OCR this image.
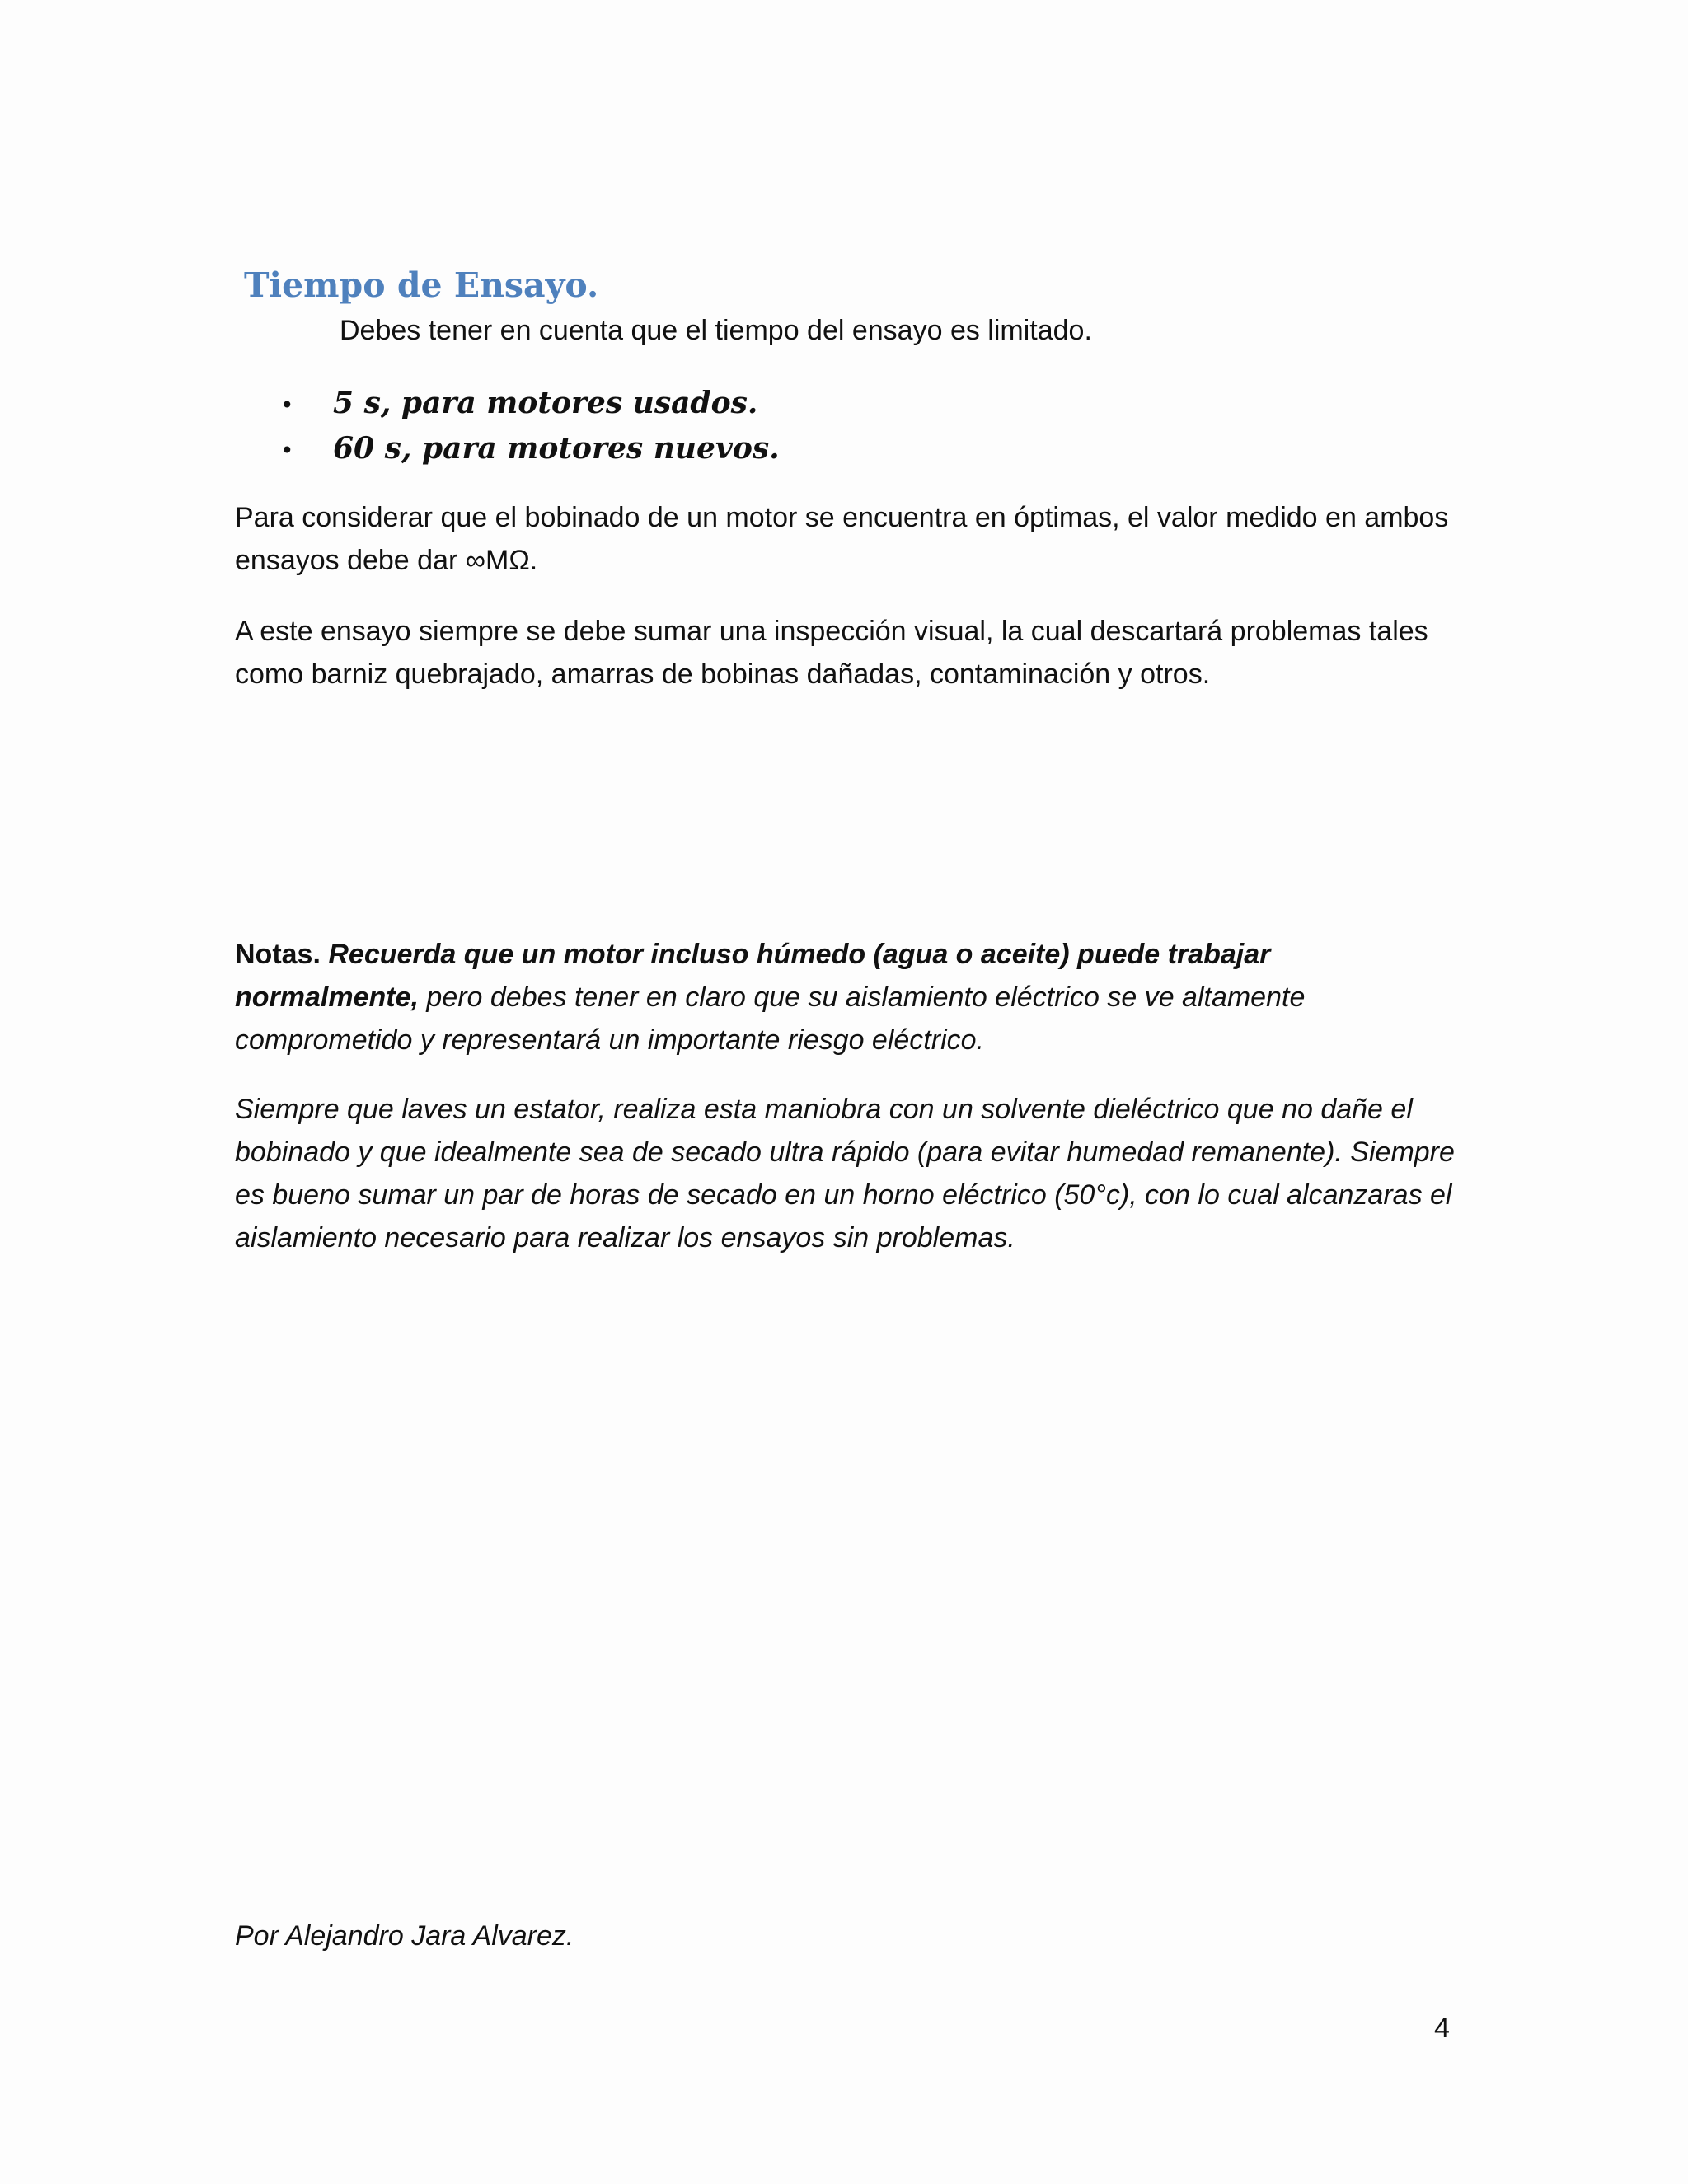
Tiempo de Ensayo.
Debes tener en cuenta que el tiempo del ensayo es limitado.
• 5 s, para motores usados.
• 60 s, para motores nuevos.

Para considerar que el bobinado de un motor se encuentra en óptimas, el valor medido en ambos ensayos debe dar ∞MΩ.

A este ensayo siempre se debe sumar una inspección visual, la cual descartará problemas tales como barniz quebrajado, amarras de bobinas dañadas, contaminación y otros.

Notas. Recuerda que un motor incluso húmedo (agua o aceite) puede trabajar normalmente, pero debes tener en claro que su aislamiento eléctrico se ve altamente comprometido y representará un importante riesgo eléctrico.

Siempre que laves un estator, realiza esta maniobra con un solvente dieléctrico que no dañe el bobinado y que idealmente sea de secado ultra rápido (para evitar humedad remanente). Siempre es bueno sumar un par de horas de secado en un horno eléctrico (50°c), con lo cual alcanzaras el aislamiento necesario para realizar los ensayos sin problemas.

Por Alejandro Jara Alvarez.
4
